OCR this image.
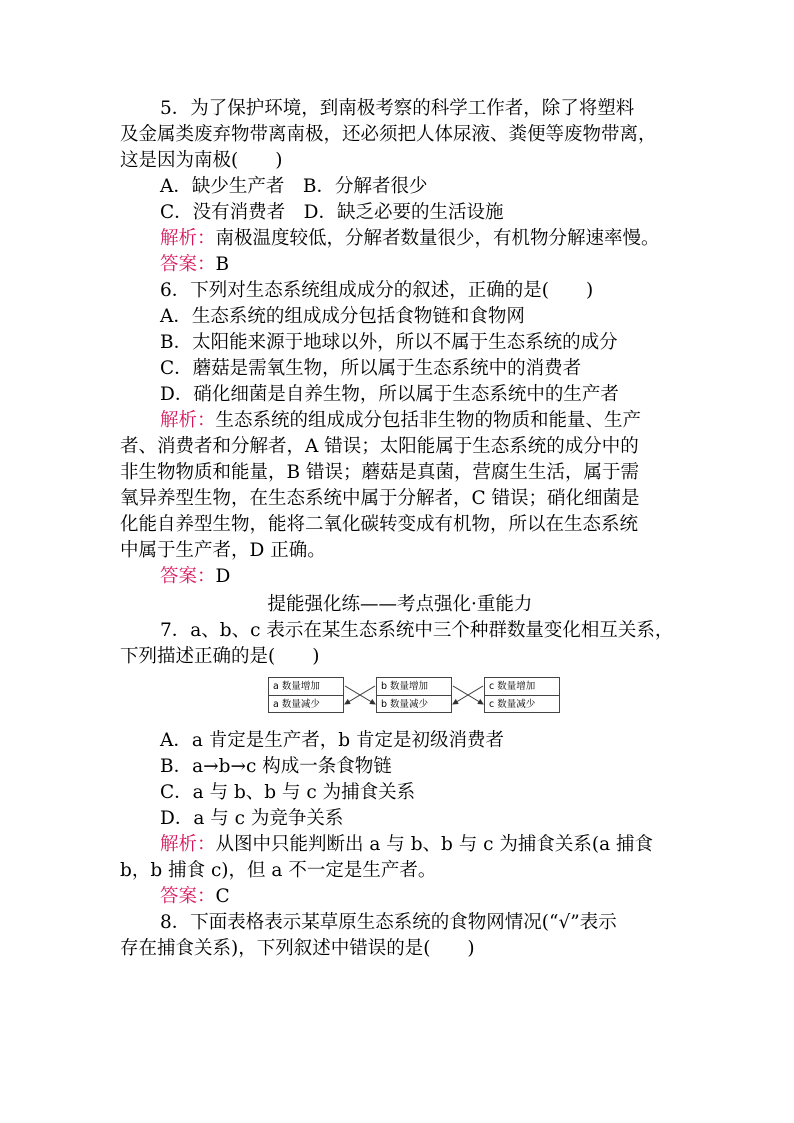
5．为了保护环境，到南极考察的科学工作者，除了将塑料
及金属类废弃物带离南极，还必须把人体尿液、粪便等废物带离，
这是因为南极(　　)
A．缺少生产者　B．分解者很少
C．没有消费者　D．缺乏必要的生活设施
解析：南极温度较低，分解者数量很少，有机物分解速率慢。
答案：B
6．下列对生态系统组成成分的叙述，正确的是(　　)
A．生态系统的组成成分包括食物链和食物网
B．太阳能来源于地球以外，所以不属于生态系统的成分
C．蘑菇是需氧生物，所以属于生态系统中的消费者
D．硝化细菌是自养生物，所以属于生态系统中的生产者
解析：生态系统的组成成分包括非生物的物质和能量、生产
者、消费者和分解者，A 错误；太阳能属于生态系统的成分中的
非生物物质和能量，B 错误；蘑菇是真菌，营腐生生活，属于需
氧异养型生物，在生态系统中属于分解者，C 错误；硝化细菌是
化能自养型生物，能将二氧化碳转变成有机物，所以在生态系统
中属于生产者，D 正确。
答案：D
提能强化练——考点强化·重能力
7．a、b、c 表示在某生态系统中三个种群数量变化相互关系，
下列描述正确的是(　　)
a 数量增加
a 数量减少
b 数量增加
b 数量减少
c 数量增加
c 数量减少
A．a 肯定是生产者，b 肯定是初级消费者
B．a→b→c 构成一条食物链
C．a 与 b、b 与 c 为捕食关系
D．a 与 c 为竞争关系
解析：从图中只能判断出 a 与 b、b 与 c 为捕食关系(a 捕食
b，b 捕食 c)，但 a 不一定是生产者。
答案：C
8．下面表格表示某草原生态系统的食物网情况(“√”表示
存在捕食关系)，下列叙述中错误的是(　　)
